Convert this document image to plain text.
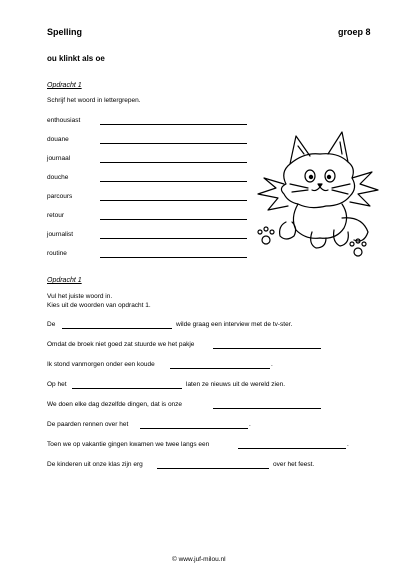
Spelling	groep 8
ou klinkt als oe
Opdracht 1
Schrijf het woord in lettergrepen.
enthousiast
douane
journaal
douche
parcours
retour
journalist
routine
Opdracht 1
Vul het juiste woord in.
Kies uit de woorden van opdracht 1.
De	wilde graag een interview met de tv-ster.
Omdat de broek niet goed zat stuurde we het pakje
Ik stond vanmorgen onder een koude	.
Op het	laten ze nieuws uit de wereld zien.
We doen elke dag dezelfde dingen, dat is onze
De paarden rennen over het	.
Toen we op vakantie gingen kwamen we twee langs een	.
De kinderen uit onze klas zijn erg	over het feest.
© www.juf-milou.nl
